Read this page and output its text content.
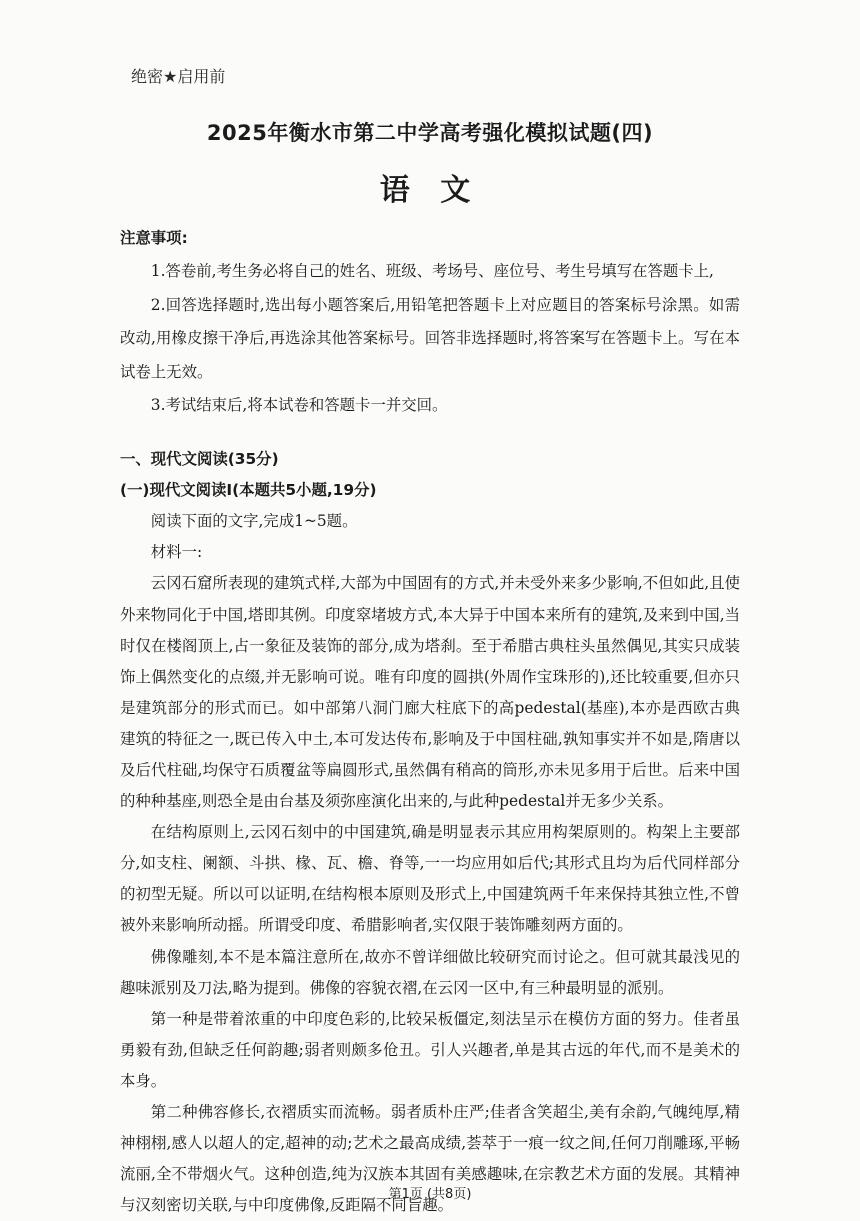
绝密★启用前
2025年衡水市第二中学高考强化模拟试题(四)
语 文
注意事项:

1.答卷前,考生务必将自己的姓名、班级、考场号、座位号、考生号填写在答题卡上,

2.回答选择题时,选出每小题答案后,用铅笔把答题卡上对应题目的答案标号涂黑。如需改动,用橡皮擦干净后,再选涂其他答案标号。回答非选择题时,将答案写在答题卡上。写在本试卷上无效。

3.考试结束后,将本试卷和答题卡一并交回。

一、现代文阅读(35分)
(一)现代文阅读Ⅰ(本题共5小题,19分)

阅读下面的文字,完成1~5题。

材料一:

云冈石窟所表现的建筑式样,大部为中国固有的方式,并未受外来多少影响,不但如此,且使外来物同化于中国,塔即其例。印度窣堵坡方式,本大异于中国本来所有的建筑,及来到中国,当时仅在楼阁顶上,占一象征及装饰的部分,成为塔刹。至于希腊古典柱头虽然偶见,其实只成装饰上偶然变化的点缀,并无影响可说。唯有印度的圆拱(外周作宝珠形的),还比较重要,但亦只是建筑部分的形式而已。如中部第八洞门廊大柱底下的高pedestal(基座),本亦是西欧古典建筑的特征之一,既已传入中土,本可发达传布,影响及于中国柱础,孰知事实并不如是,隋唐以及后代柱础,均保守石质覆盆等扁圆形式,虽然偶有稍高的筒形,亦未见多用于后世。后来中国的种种基座,则恐全是由台基及须弥座演化出来的,与此种pedestal并无多少关系。

在结构原则上,云冈石刻中的中国建筑,确是明显表示其应用构架原则的。构架上主要部分,如支柱、阑额、斗拱、椽、瓦、檐、脊等,一一均应用如后代;其形式且均为后代同样部分的初型无疑。所以可以证明,在结构根本原则及形式上,中国建筑两千年来保持其独立性,不曾被外来影响所动摇。所谓受印度、希腊影响者,实仅限于装饰雕刻两方面的。

佛像雕刻,本不是本篇注意所在,故亦不曾详细做比较研究而讨论之。但可就其最浅见的趣味派别及刀法,略为提到。佛像的容貌衣褶,在云冈一区中,有三种最明显的派别。

第一种是带着浓重的中印度色彩的,比较呆板僵定,刻法呈示在模仿方面的努力。佳者虽勇毅有劲,但缺乏任何韵趣;弱者则颇多伧丑。引人兴趣者,单是其古远的年代,而不是美术的本身。

第二种佛容修长,衣褶质实而流畅。弱者质朴庄严;佳者含笑超尘,美有余韵,气魄纯厚,精神栩栩,感人以超人的定,超神的动;艺术之最高成绩,荟萃于一痕一纹之间,任何刀削雕琢,平畅流丽,全不带烟火气。这种创造,纯为汉族本其固有美感趣味,在宗教艺术方面的发展。其精神与汉刻密切关联,与中印度佛像,反距隔不同旨趣。

第1页 (共8页)
